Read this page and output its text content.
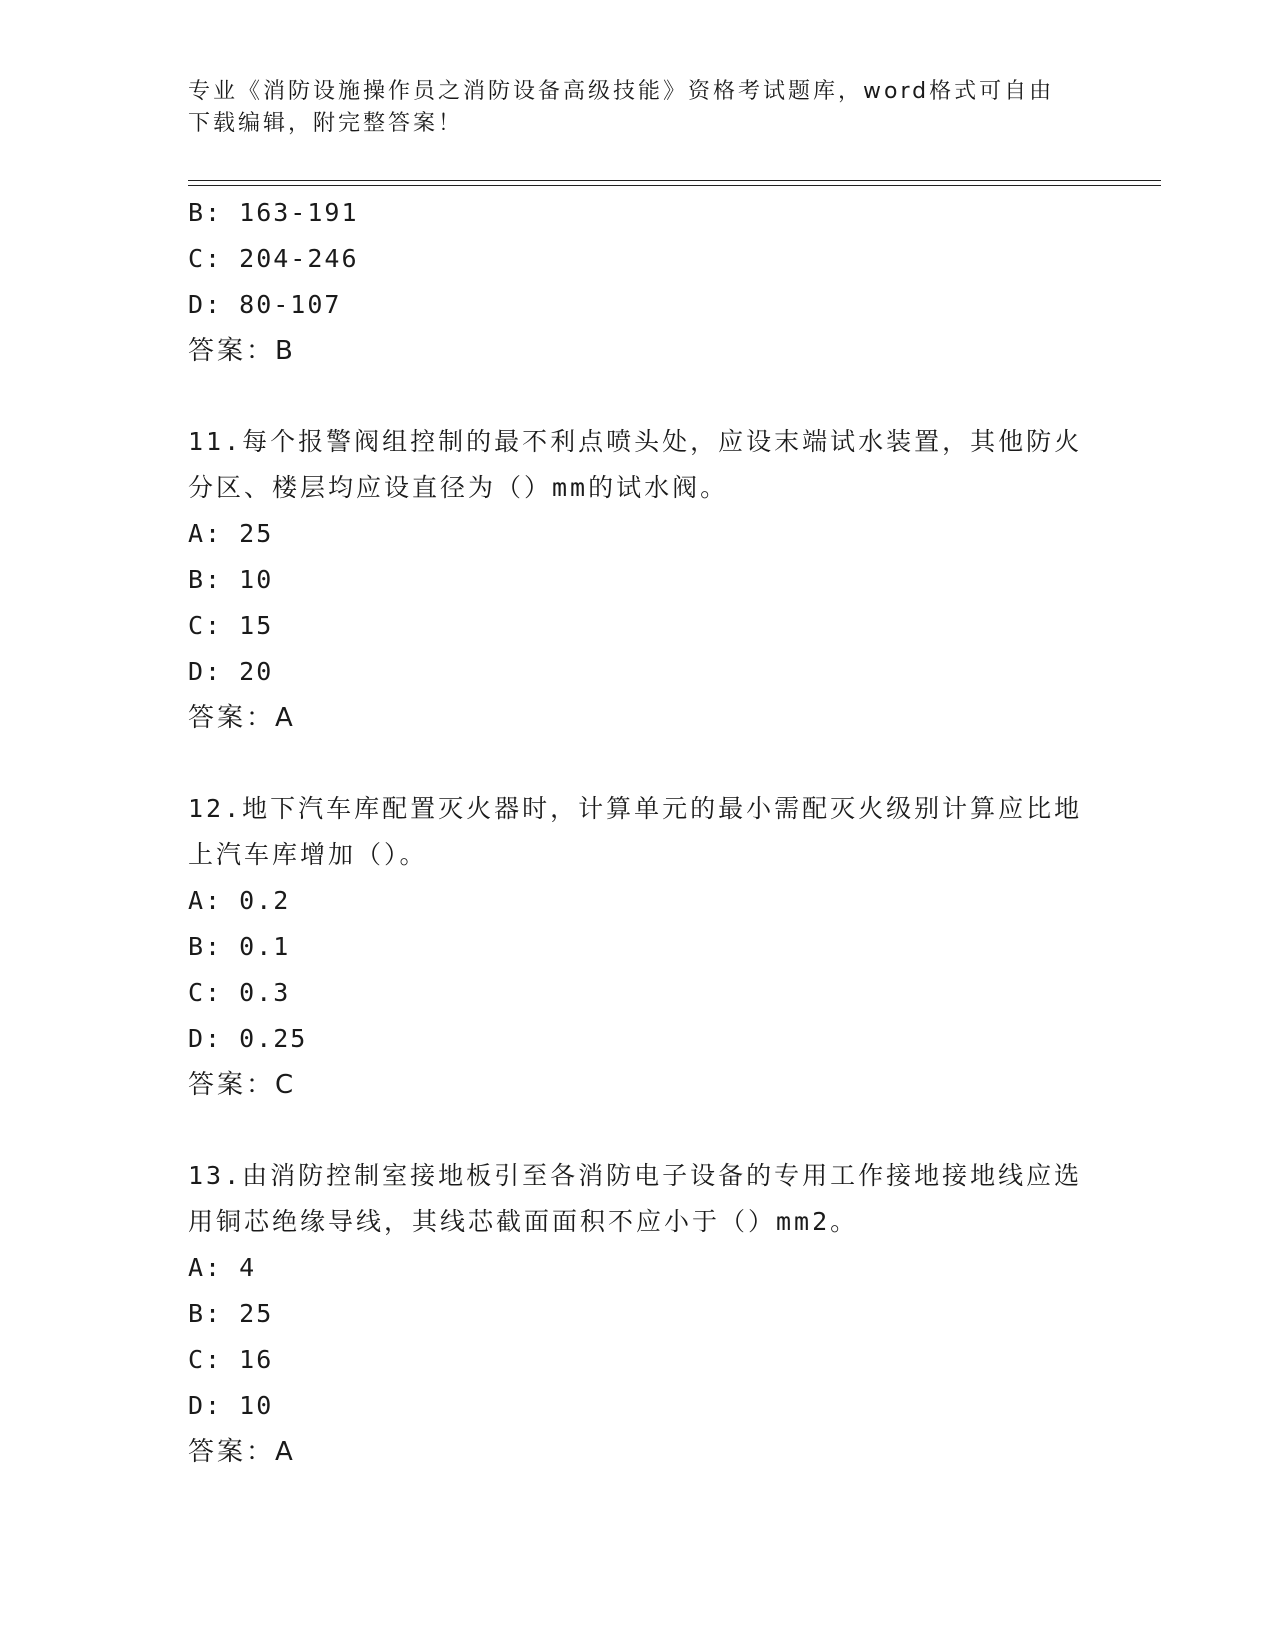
专业《消防设施操作员之消防设备高级技能》资格考试题库，word格式可自由下载编辑，附完整答案！
B: 163-191
C: 204-246
D: 80-107
答案：B
11.每个报警阀组控制的最不利点喷头处，应设末端试水装置，其他防火分区、楼层均应设直径为（）mm的试水阀。
A: 25
B: 10
C: 15
D: 20
答案：A
12.地下汽车库配置灭火器时，计算单元的最小需配灭火级别计算应比地上汽车库增加（）。
A: 0.2
B: 0.1
C: 0.3
D: 0.25
答案：C
13.由消防控制室接地板引至各消防电子设备的专用工作接地接地线应选用铜芯绝缘导线，其线芯截面面积不应小于（）mm2。
A: 4
B: 25
C: 16
D: 10
答案：A
